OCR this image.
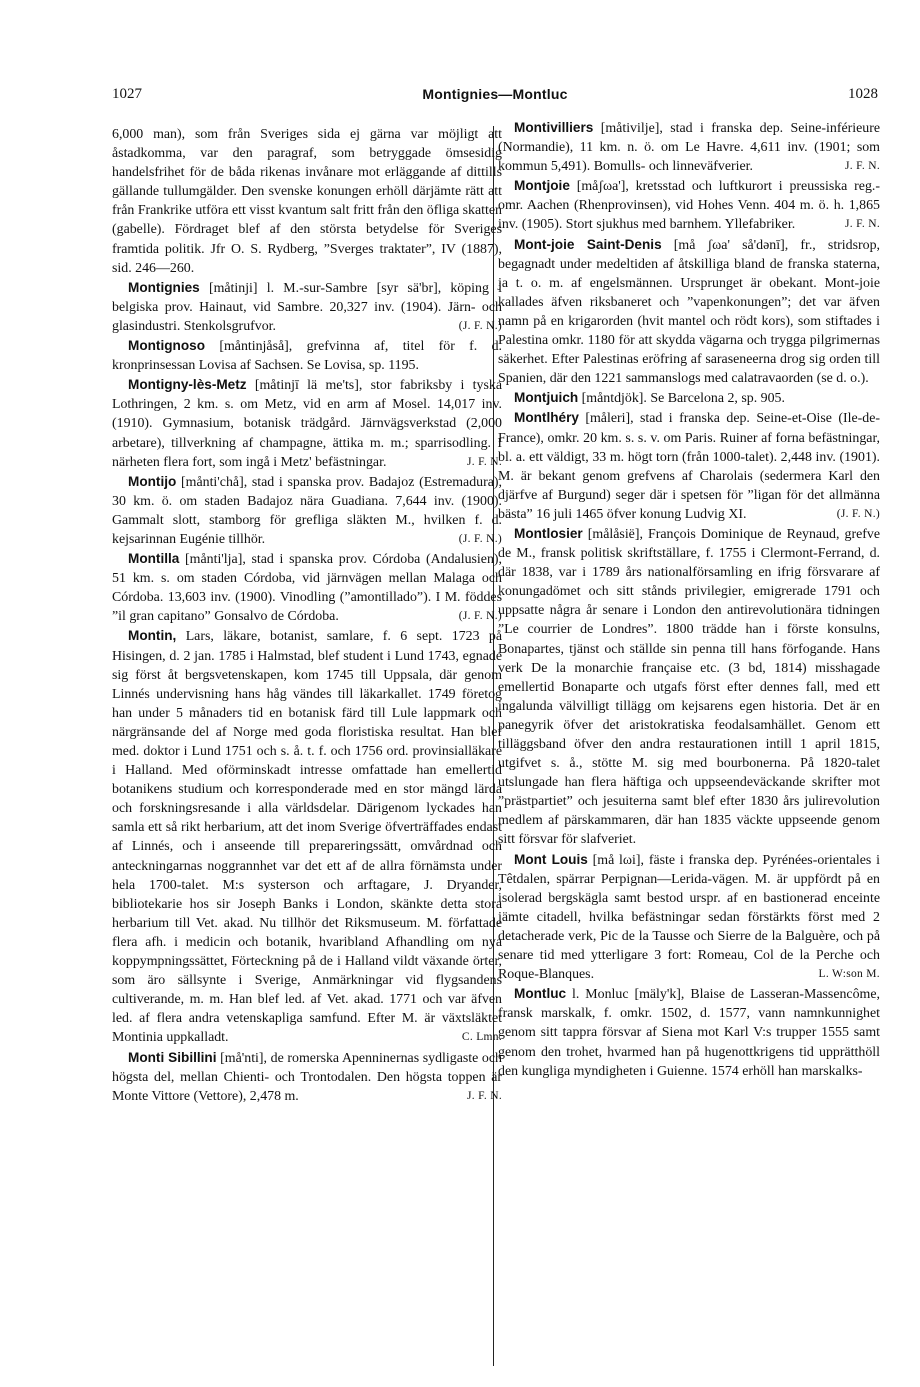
1027	Montignies—Montluc	1028

6,000 man), som från Sveriges sida ej gärna var möjligt att åstadkomma, var den paragraf, som betryggade ömsesidig handelsfrihet för de båda rikenas invånare mot erläggande af dittills gällande tullumgälder. Den svenske konungen erhöll därjämte rätt att från Frankrike utföra ett visst kvantum salt fritt från den öfliga skatten (gabelle). Fördraget blef af den största betydelse för Sveriges framtida politik. Jfr O. S. Rydberg, ”Sverges traktater”, IV (1887), sid. 246—260.

Montignies [måtinji] l. M.-sur-Sambre [syr sä'br], köping i belgiska prov. Hainaut, vid Sambre. 20,327 inv. (1904). Järn- och glasindustri. Stenkolsgrufvor.	(J. F. N.)

Montignoso [måntinjåså], grefvinna af, titel för f. d. kronprinsessan Lovisa af Sachsen. Se Lovisa, sp. 1195.

Montigny-lès-Metz [måtinjī lä me'ts], stor fabriksby i tyska Lothringen, 2 km. s. om Metz, vid en arm af Mosel. 14,017 inv. (1910). Gymnasium, botanisk trädgård. Järnvägsverkstad (2,000 arbetare), tillverkning af champagne, ättika m. m.; sparrisodling. I närheten flera fort, som ingå i Metz' befästningar.	J. F. N.

Montijo [månti'chå], stad i spanska prov. Badajoz (Estremadura), 30 km. ö. om staden Badajoz nära Guadiana. 7,644 inv. (1900). Gammalt slott, stamborg för grefliga släkten M., hvilken f. d. kejsarinnan Eugénie tillhör.	(J. F. N.)

Montilla [månti'lja], stad i spanska prov. Córdoba (Andalusien), 51 km. s. om staden Córdoba, vid järnvägen mellan Malaga och Córdoba. 13,603 inv. (1900). Vinodling (”amontillado”). I M. föddes ”il gran capitano” Gonsalvo de Córdoba.	(J. F. N.)

Montin, Lars, läkare, botanist, samlare, f. 6 sept. 1723 på Hisingen, d. 2 jan. 1785 i Halmstad, blef student i Lund 1743, egnade sig först åt bergsvetenskapen, kom 1745 till Uppsala, där genom Linnés undervisning hans håg vändes till läkarkallet. 1749 företog han under 5 månaders tid en botanisk färd till Lule lappmark och närgränsande del af Norge med goda floristiska resultat. Han blef med. doktor i Lund 1751 och s. å. t. f. och 1756 ord. provinsialläkare i Halland. Med oförminskadt intresse omfattade han emellertid botanikens studium och korresponderade med en stor mängd lärda och forskningsresande i alla världsdelar. Därigenom lyckades han samla ett så rikt herbarium, att det inom Sverige öfverträffades endast af Linnés, och i anseende till prepareringssätt, omvårdnad och anteckningarnas noggrannhet var det ett af de allra förnämsta under hela 1700-talet. M:s systerson och arftagare, J. Dryander, bibliotekarie hos sir Joseph Banks i London, skänkte detta stora herbarium till Vet. akad. Nu tillhör det Riksmuseum. M. författade flera afh. i medicin och botanik, hvaribland Afhandling om nya koppympningssättet, Förteckning på de i Halland vildt växande örter, som äro sällsynte i Sverige, Anmärkningar vid flygsandens cultiverande, m. m. Han blef led. af Vet. akad. 1771 och var äfven led. af flera andra vetenskapliga samfund. Efter M. är växtsläktet Montinia uppkalladt.	C. Lmn.

Monti Sibillini [må'nti], de romerska Apenninernas sydligaste och högsta del, mellan Chienti- och Trontodalen. Den högsta toppen är Monte Vittore (Vettore), 2,478 m.	J. F. N.

Montivilliers [måtivilje], stad i franska dep. Seine-inférieure (Normandie), 11 km. n. ö. om Le Havre. 4,611 inv. (1901; som kommun 5,491). Bomulls- och linneväfverier.	J. F. N.

Montjoie [måʃωa'], kretsstad och luftkurort i preussiska reg.-omr. Aachen (Rhenprovinsen), vid Hohes Venn. 404 m. ö. h. 1,865 inv. (1905). Stort sjukhus med barnhem. Yllefabriker.	J. F. N.

Mont-joie Saint-Denis [må ʃωa' så'dənī], fr., stridsrop, begagnadt under medeltiden af åtskilliga bland de franska staterna, ja t. o. m. af engelsmännen. Ursprunget är obekant. Mont-joie kallades äfven riksbaneret och ”vapenkonungen”; det var äfven namn på en krigarorden (hvit mantel och rödt kors), som stiftades i Palestina omkr. 1180 för att skydda vägarna och trygga pilgrimernas säkerhet. Efter Palestinas eröfring af saraseneerna drog sig orden till Spanien, där den 1221 sammanslogs med calatravaorden (se d. o.).

Montjuich [måntdjök]. Se Barcelona 2, sp. 905.

Montlhéry [måleri], stad i franska dep. Seine-et-Oise (Ile-de-France), omkr. 20 km. s. s. v. om Paris. Ruiner af forna befästningar, bl. a. ett väldigt, 33 m. högt torn (från 1000-talet). 2,448 inv. (1901). M. är bekant genom grefvens af Charolais (sedermera Karl den djärfve af Burgund) seger där i spetsen för ”ligan för det allmänna bästa” 16 juli 1465 öfver konung Ludvig XI.	(J. F. N.)

Montlosier [målåsië], François Dominique de Reynaud, grefve de M., fransk politisk skriftställare, f. 1755 i Clermont-Ferrand, d. där 1838, var i 1789 års nationalförsamling en ifrig försvarare af konungadömet och sitt stånds privilegier, emigrerade 1791 och uppsatte några år senare i London den antirevolutionära tidningen ”Le courrier de Londres”. 1800 trädde han i förste konsulns, Bonapartes, tjänst och ställde sin penna till hans förfogande. Hans verk De la monarchie française etc. (3 bd, 1814) misshagade emellertid Bonaparte och utgafs först efter dennes fall, med ett ingalunda välvilligt tillägg om kejsarens egen historia. Det är en panegyrik öfver det aristokratiska feodalsamhället. Genom ett tilläggsband öfver den andra restaurationen intill 1 april 1815, utgifvet s. å., stötte M. sig med bourbonerna. På 1820-talet utslungade han flera häftiga och uppseendeväckande skrifter mot ”prästpartiet” och jesuiterna samt blef efter 1830 års julirevolution medlem af pärskammaren, där han 1835 väckte uppseende genom sitt försvar för slafveriet.

Mont Louis [må lωi], fäste i franska dep. Pyrénées-orientales i Têtdalen, spärrar Perpignan—Lerida-vägen. M. är uppfördt på en isolerad bergskägla samt bestod urspr. af en bastionerad enceinte jämte citadell, hvilka befästningar sedan förstärkts först med 2 detacherade verk, Pic de la Tausse och Sierre de la Balguère, och på senare tid med ytterligare 3 fort: Romeau, Col de la Perche och Roque-Blanques.	L. W:son M.

Montluc l. Monluc [mäly'k], Blaise de Lasseran-Massencôme, fransk marskalk, f. omkr. 1502, d. 1577, vann namnkunnighet genom sitt tappra försvar af Siena mot Karl V:s trupper 1555 samt genom den trohet, hvarmed han på hugenottkrigens tid upprätthöll den kungliga myndigheten i Guienne. 1574 erhöll han marskalks-
